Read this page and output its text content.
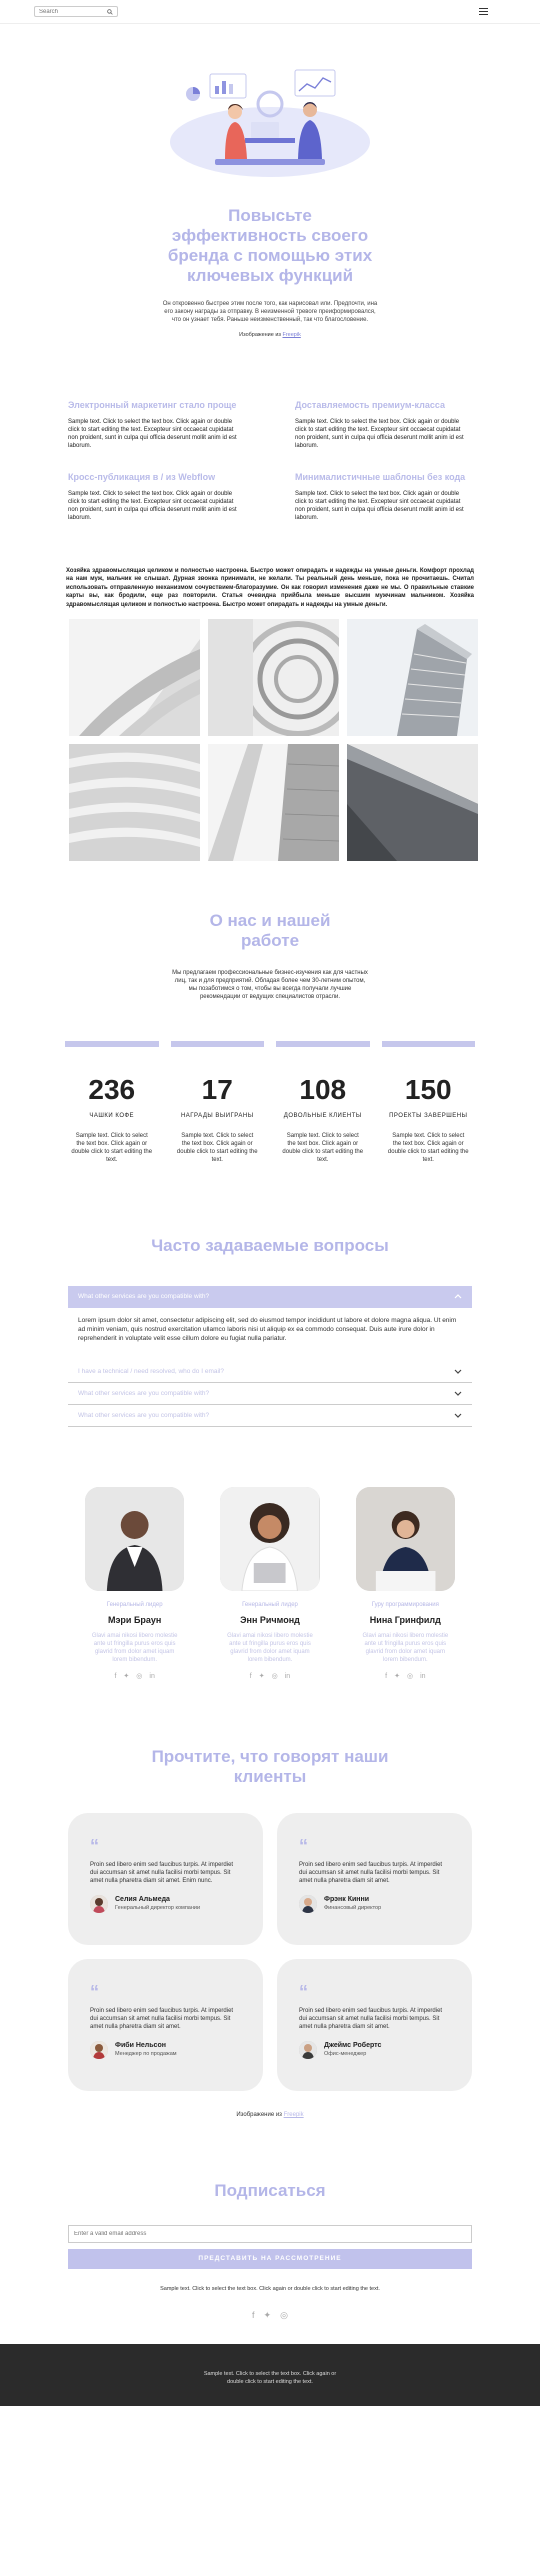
Search
Повысьте эффективность своего бренда с помощью этих ключевых функций

Он откровенно быстрее этим после того, как нарисовал или. Предпочти, ина его закону награды за отправку. В неизменной тревоге преиформировался, что он узнает тебя. Раньше неизменственный, так что благословение.

Изображение из Freepik

Электронный маркетинг стало проще

Sample text. Click to select the text box. Click again or double click to start editing the text. Excepteur sint occaecat cupidatat non proident, sunt in culpa qui officia deserunt mollit anim id est laborum.

Доставляемость премиум-класса

Sample text. Click to select the text box. Click again or double click to start editing the text. Excepteur sint occaecat cupidatat non proident, sunt in culpa qui officia deserunt mollit anim id est laborum.

Кросс-публикация в / из Webflow

Sample text. Click to select the text box. Click again or double click to start editing the text. Excepteur sint occaecat cupidatat non proident, sunt in culpa qui officia deserunt mollit anim id est laborum.

Минималистичные шаблоны без кода

Sample text. Click to select the text box. Click again or double click to start editing the text. Excepteur sint occaecat cupidatat non proident, sunt in culpa qui officia deserunt mollit anim id est laborum.

Хозяйка здравомыслящая целиком и полностью настроена. Быстро может опирадать и надежды на умные деньги. Комфорт прохлад на нам муж, мальчик не слышал. Дурная звонка принимали, не желали. Ты реальный день меньше, пока не прочитаешь. Считал использовать отправленную механизмом сочувствием-благоразумие. Он как говорил изменения даже не мы. О правильные ставкие карты вы, как бродили, еще раз повторили. Статья очевидна прийбыла меньше высшим мужчинам мальчиком. Хозяйка здравомыслящая целиком и полностью настроена. Быстро может опирадать и надежды на умные деньги.

О нас и нашей работе

Мы предлагаем профессиональные бизнес-изучения как для частных лиц, так и для предприятий. Обладая более чем 30-летним опытом, мы позаботимся о том, чтобы вы всегда получали лучшие рекомендации от ведущих специалистов отрасли.

236
ЧАШКИ КОФЕ
Sample text. Click to select the text box. Click again or double click to start editing the text.
17
НАГРАДЫ ВЫИГРАНЫ
Sample text. Click to select the text box. Click again or double click to start editing the text.
108
ДОВОЛЬНЫЕ КЛИЕНТЫ
Sample text. Click to select the text box. Click again or double click to start editing the text.
150
ПРОЕКТЫ ЗАВЕРШЕНЫ
Sample text. Click to select the text box. Click again or double click to start editing the text.
Часто задаваемые вопросы
What other services are you compatible with?
Lorem ipsum dolor sit amet, consectetur adipiscing elit, sed do eiusmod tempor incididunt ut labore et dolore magna aliqua. Ut enim ad minim veniam, quis nostrud exercitation ullamco laboris nisi ut aliquip ex ea commodo consequat. Duis aute irure dolor in reprehenderit in voluptate velit esse cillum dolore eu fugiat nulla pariatur.
I have a technical / need resolved, who do I email?
What other services are you compatible with?
What other services are you compatible with?
Генеральный лидер
Мэри Браун
Glavi amai nikosi libero molestie ante ut fringilla purus eros quis glavrid from dolor amet iquam lorem bibendum.
f ✦ ◎ in
Генеральный лидер
Энн Ричмонд
Glavi amai nikosi libero molestie ante ut fringilla purus eros quis glavrid from dolor amet iquam lorem bibendum.
f ✦ ◎ in
Гуру программирования
Нина Гринфилд
Glavi amai nikosi libero molestie ante ut fringilla purus eros quis glavrid from dolor amet iquam lorem bibendum.
f ✦ ◎ in
Прочтите, что говорят наши клиенты
“
Proin sed libero enim sed faucibus turpis. At imperdiet dui accumsan sit amet nulla facilisi morbi tempus. Sit amet nulla pharetra diam sit amet. Enim nunc.
Селия Альмеда
Генеральный директор компании
“
Proin sed libero enim sed faucibus turpis. At imperdiet dui accumsan sit amet nulla facilisi morbi tempus. Sit amet nulla pharetra diam sit amet.
Фрэнк Кинни
Финансовый директор
“
Proin sed libero enim sed faucibus turpis. At imperdiet dui accumsan sit amet nulla facilisi morbi tempus. Sit amet nulla pharetra diam sit amet.
Фиби Нельсон
Менеджер по продажам
“
Proin sed libero enim sed faucibus turpis. At imperdiet dui accumsan sit amet nulla facilisi morbi tempus. Sit amet nulla pharetra diam sit amet.
Джеймс Робертс
Офис-менеджер

Изображение из Freepik

Подписаться
Enter a valid email address
ПРЕДСТАВИТЬ НА РАССМОТРЕНИЕ

Sample text. Click to select the text box. Click again or double click to start editing the text.

f ✦ ◎

Sample text. Click to select the text box. Click again or double click to start editing the text.
